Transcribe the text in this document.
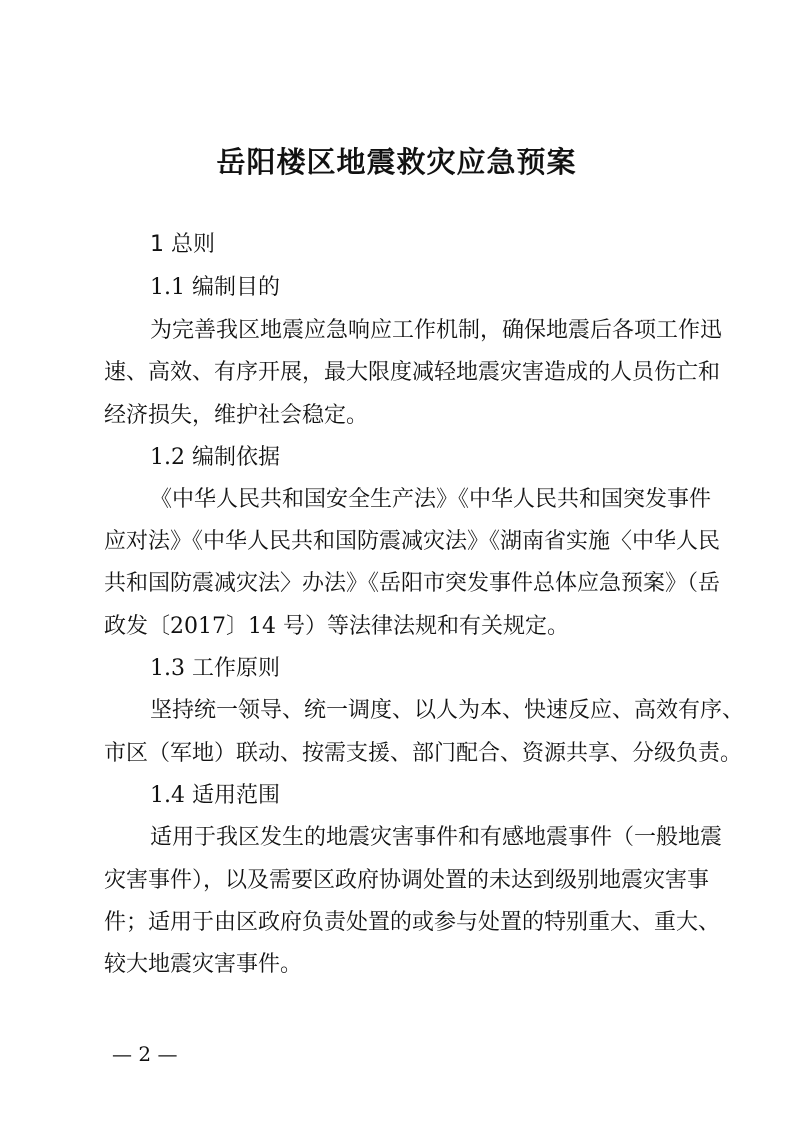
岳阳楼区地震救灾应急预案
1 总则
1.1 编制目的
为完善我区地震应急响应工作机制，确保地震后各项工作迅
速、高效、有序开展，最大限度减轻地震灾害造成的人员伤亡和
经济损失，维护社会稳定。
1.2 编制依据
《中华人民共和国安全生产法》《中华人民共和国突发事件
应对法》《中华人民共和国防震减灾法》《湖南省实施〈中华人民
共和国防震减灾法〉办法》《岳阳市突发事件总体应急预案》（岳
政发〔2017〕14 号）等法律法规和有关规定。
1.3 工作原则
坚持统一领导、统一调度、以人为本、快速反应、高效有序、
市区（军地）联动、按需支援、部门配合、资源共享、分级负责。
1.4 适用范围
适用于我区发生的地震灾害事件和有感地震事件（一般地震
灾害事件），以及需要区政府协调处置的未达到级别地震灾害事
件；适用于由区政府负责处置的或参与处置的特别重大、重大、
较大地震灾害事件。
— 2 —
